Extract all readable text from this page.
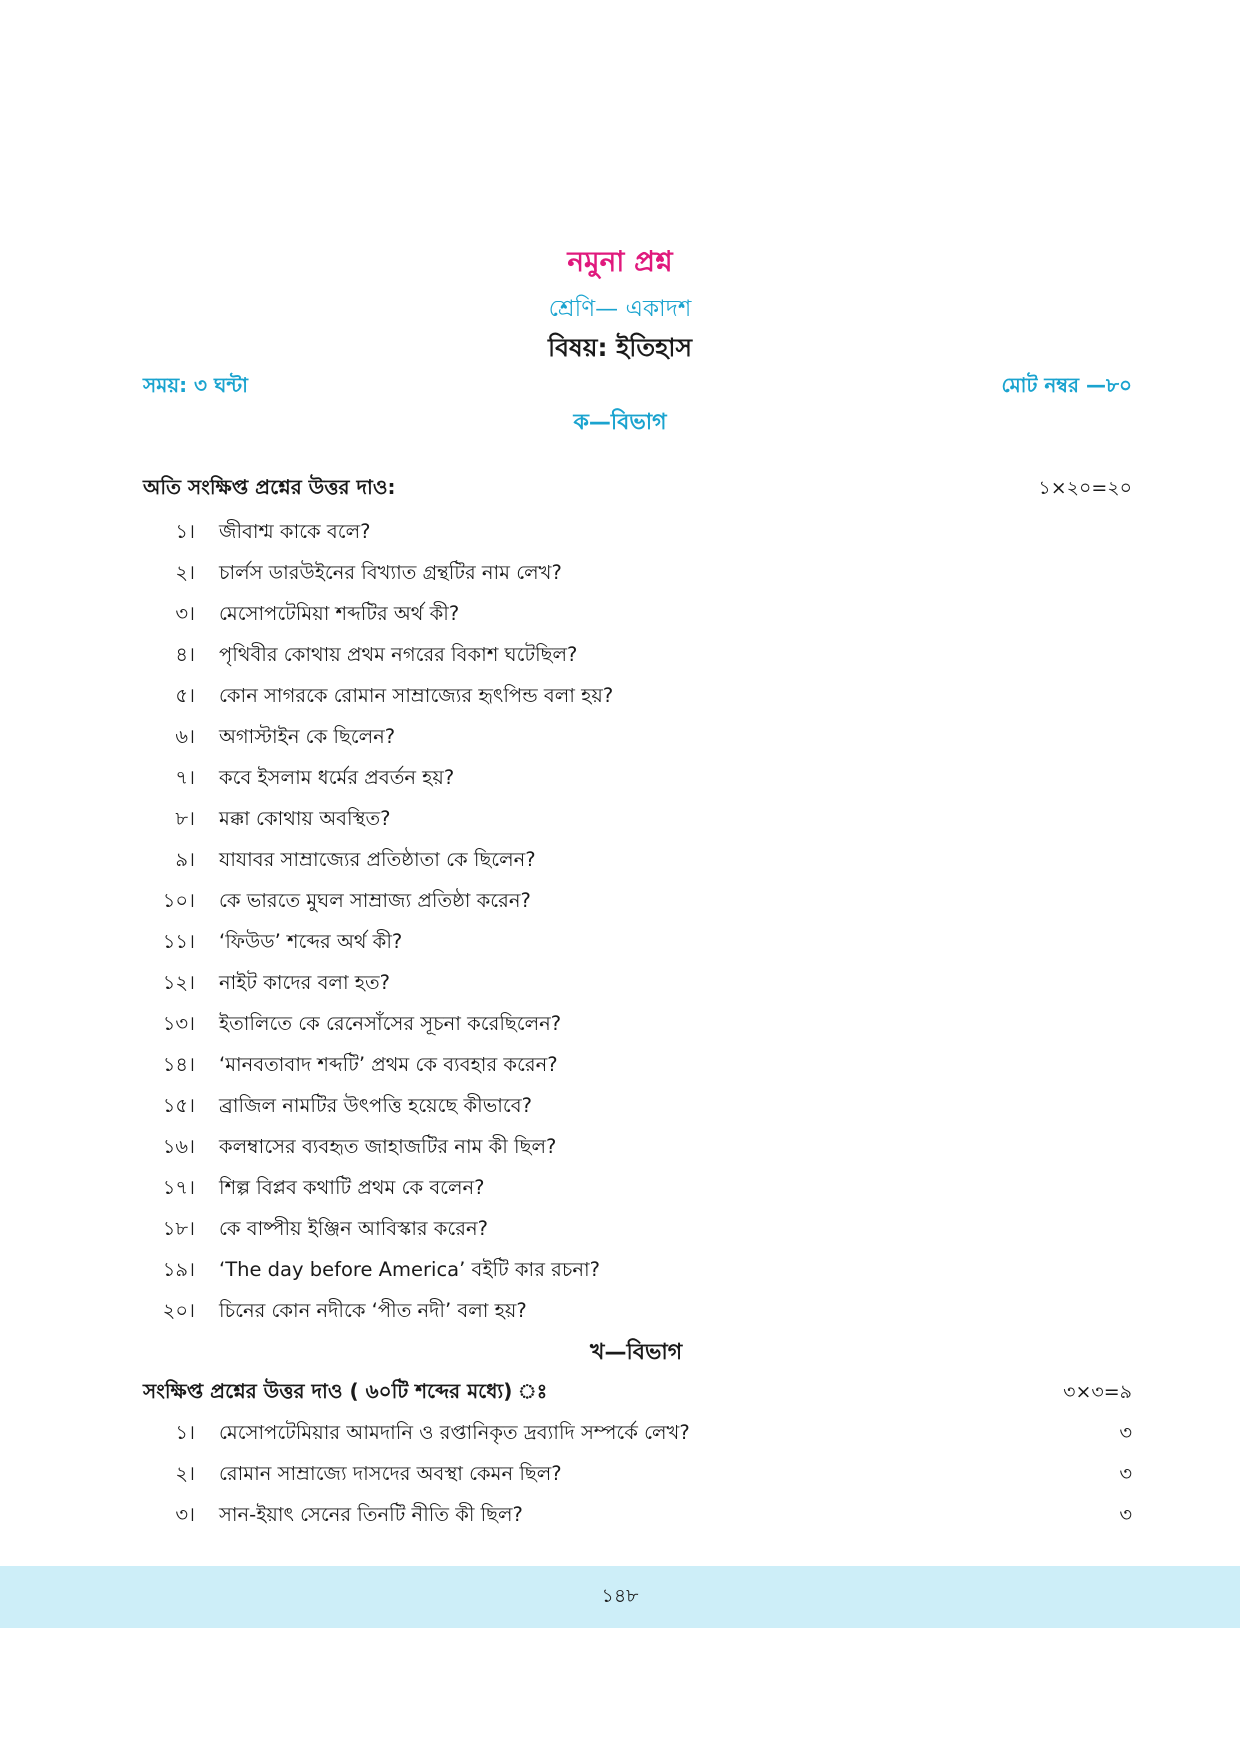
নমুনা প্রশ্ন
শ্রেণি— একাদশ
বিষয়: ইতিহাস
সময়: ৩ ঘন্টা	মোট নম্বর —৮০
ক—বিভাগ
অতি সংক্ষিপ্ত প্রশ্নের উত্তর দাও:	১×২০=২০
১। জীবাশ্ম কাকে বলে?
২। চার্লস ডারউইনের বিখ্যাত গ্রন্থটির নাম লেখ?
৩। মেসোপটেমিয়া শব্দটির অর্থ কী?
৪। পৃথিবীর কোথায় প্রথম নগরের বিকাশ ঘটেছিল?
৫। কোন সাগরকে রোমান সাম্রাজ্যের হৃৎপিন্ড বলা হয়?
৬। অগাস্টাইন কে ছিলেন?
৭। কবে ইসলাম ধর্মের প্রবর্তন হয়?
৮। মক্কা কোথায় অবস্থিত?
৯। যাযাবর সাম্রাজ্যের প্রতিষ্ঠাতা কে ছিলেন?
১০। কে ভারতে মুঘল সাম্রাজ্য প্রতিষ্ঠা করেন?
১১। ‘ফিউড’ শব্দের অর্থ কী?
১২। নাইট কাদের বলা হত?
১৩। ইতালিতে কে রেনেসাঁসের সূচনা করেছিলেন?
১৪। ‘মানবতাবাদ শব্দটি’ প্রথম কে ব্যবহার করেন?
১৫। ব্রাজিল নামটির উৎপত্তি হয়েছে কীভাবে?
১৬। কলম্বাসের ব্যবহৃত জাহাজটির নাম কী ছিল?
১৭। শিল্প বিপ্লব কথাটি প্রথম কে বলেন?
১৮। কে বাষ্পীয় ইঞ্জিন আবিস্কার করেন?
১৯। ‘The day before America’ বইটি কার রচনা?
২০। চিনের কোন নদীকে ‘পীত নদী’ বলা হয়?
খ—বিভাগ
সংক্ষিপ্ত প্রশ্নের উত্তর দাও ( ৬০টি শব্দের মধ্যে) ঃ	৩×৩=৯
১। মেসোপটেমিয়ার আমদানি ও রপ্তানিকৃত দ্রব্যাদি সম্পর্কে লেখ?	৩
২। রোমান সাম্রাজ্যে দাসদের অবস্থা কেমন ছিল?	৩
৩। সান-ইয়াৎ সেনের তিনটি নীতি কী ছিল?	৩
১৪৮
